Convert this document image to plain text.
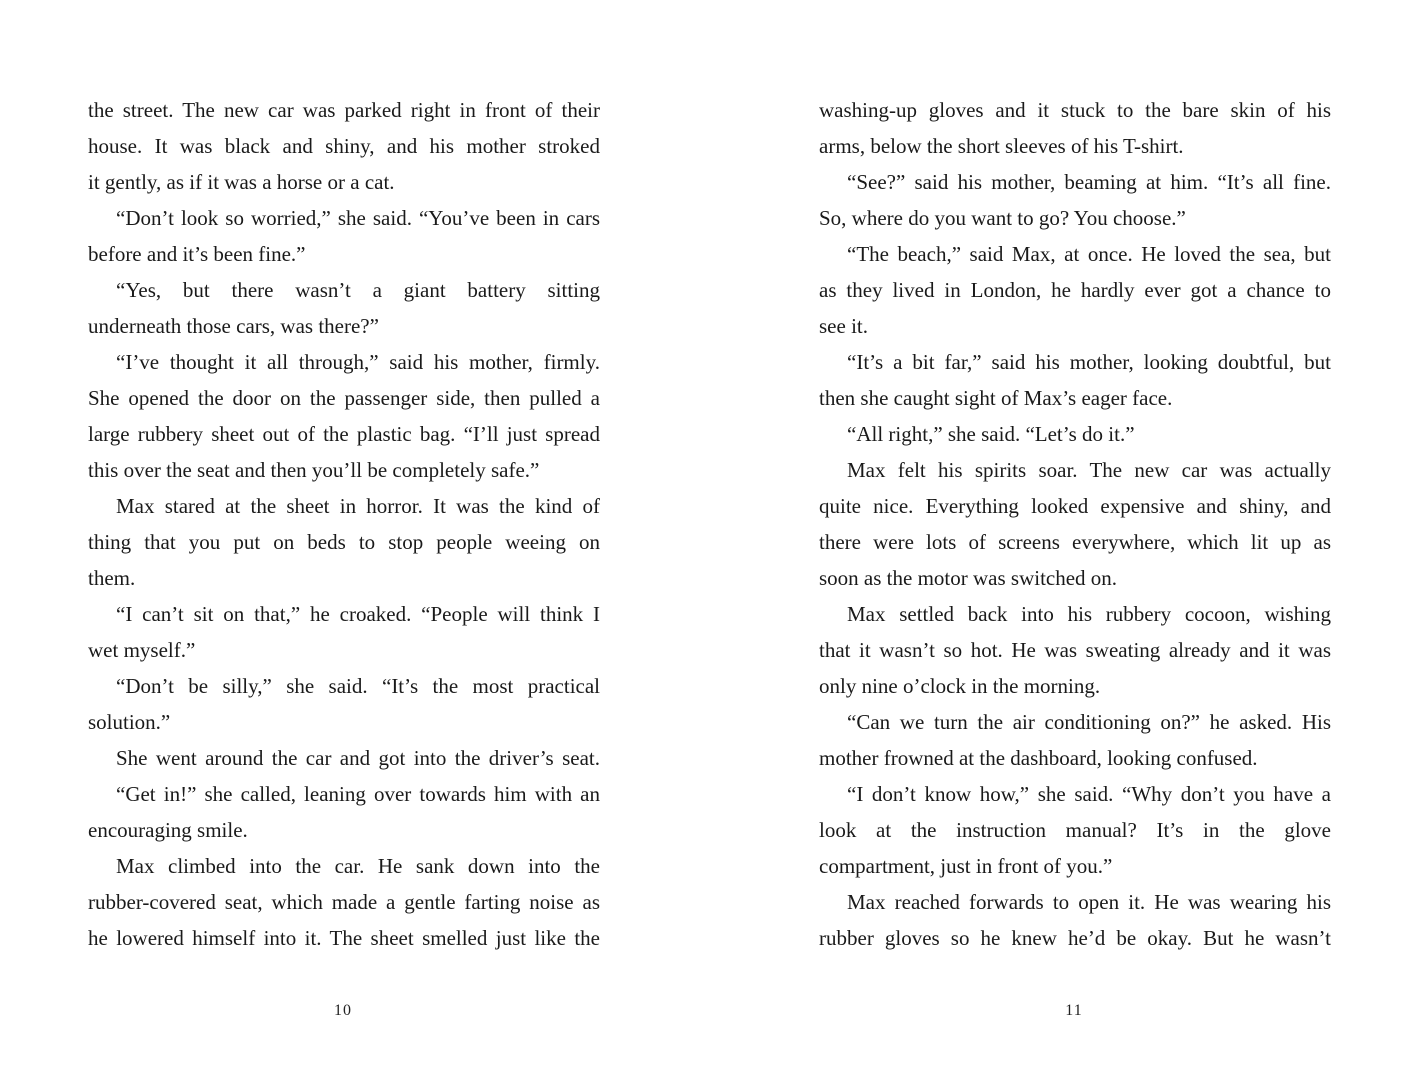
the street. The new car was parked right in front of their
house. It was black and shiny, and his mother stroked
it gently, as if it was a horse or a cat.
“Don’t look so worried,” she said. “You’ve been in cars
before and it’s been fine.”
“Yes, but there wasn’t a giant battery sitting
underneath those cars, was there?”
“I’ve thought it all through,” said his mother, firmly.
She opened the door on the passenger side, then pulled a
large rubbery sheet out of the plastic bag. “I’ll just spread
this over the seat and then you’ll be completely safe.”
Max stared at the sheet in horror. It was the kind of
thing that you put on beds to stop people weeing on
them.
“I can’t sit on that,” he croaked. “People will think I
wet myself.”
“Don’t be silly,” she said. “It’s the most practical
solution.”
She went around the car and got into the driver’s seat.
“Get in!” she called, leaning over towards him with an
encouraging smile.
Max climbed into the car. He sank down into the
rubber-covered seat, which made a gentle farting noise as
he lowered himself into it. The sheet smelled just like the
10
washing-up gloves and it stuck to the bare skin of his
arms, below the short sleeves of his T-shirt.
“See?” said his mother, beaming at him. “It’s all fine.
So, where do you want to go? You choose.”
“The beach,” said Max, at once. He loved the sea, but
as they lived in London, he hardly ever got a chance to
see it.
“It’s a bit far,” said his mother, looking doubtful, but
then she caught sight of Max’s eager face.
“All right,” she said. “Let’s do it.”
Max felt his spirits soar. The new car was actually
quite nice. Everything looked expensive and shiny, and
there were lots of screens everywhere, which lit up as
soon as the motor was switched on.
Max settled back into his rubbery cocoon, wishing
that it wasn’t so hot. He was sweating already and it was
only nine o’clock in the morning.
“Can we turn the air conditioning on?” he asked. His
mother frowned at the dashboard, looking confused.
“I don’t know how,” she said. “Why don’t you have a
look at the instruction manual? It’s in the glove
compartment, just in front of you.”
Max reached forwards to open it. He was wearing his
rubber gloves so he knew he’d be okay. But he wasn’t
11
